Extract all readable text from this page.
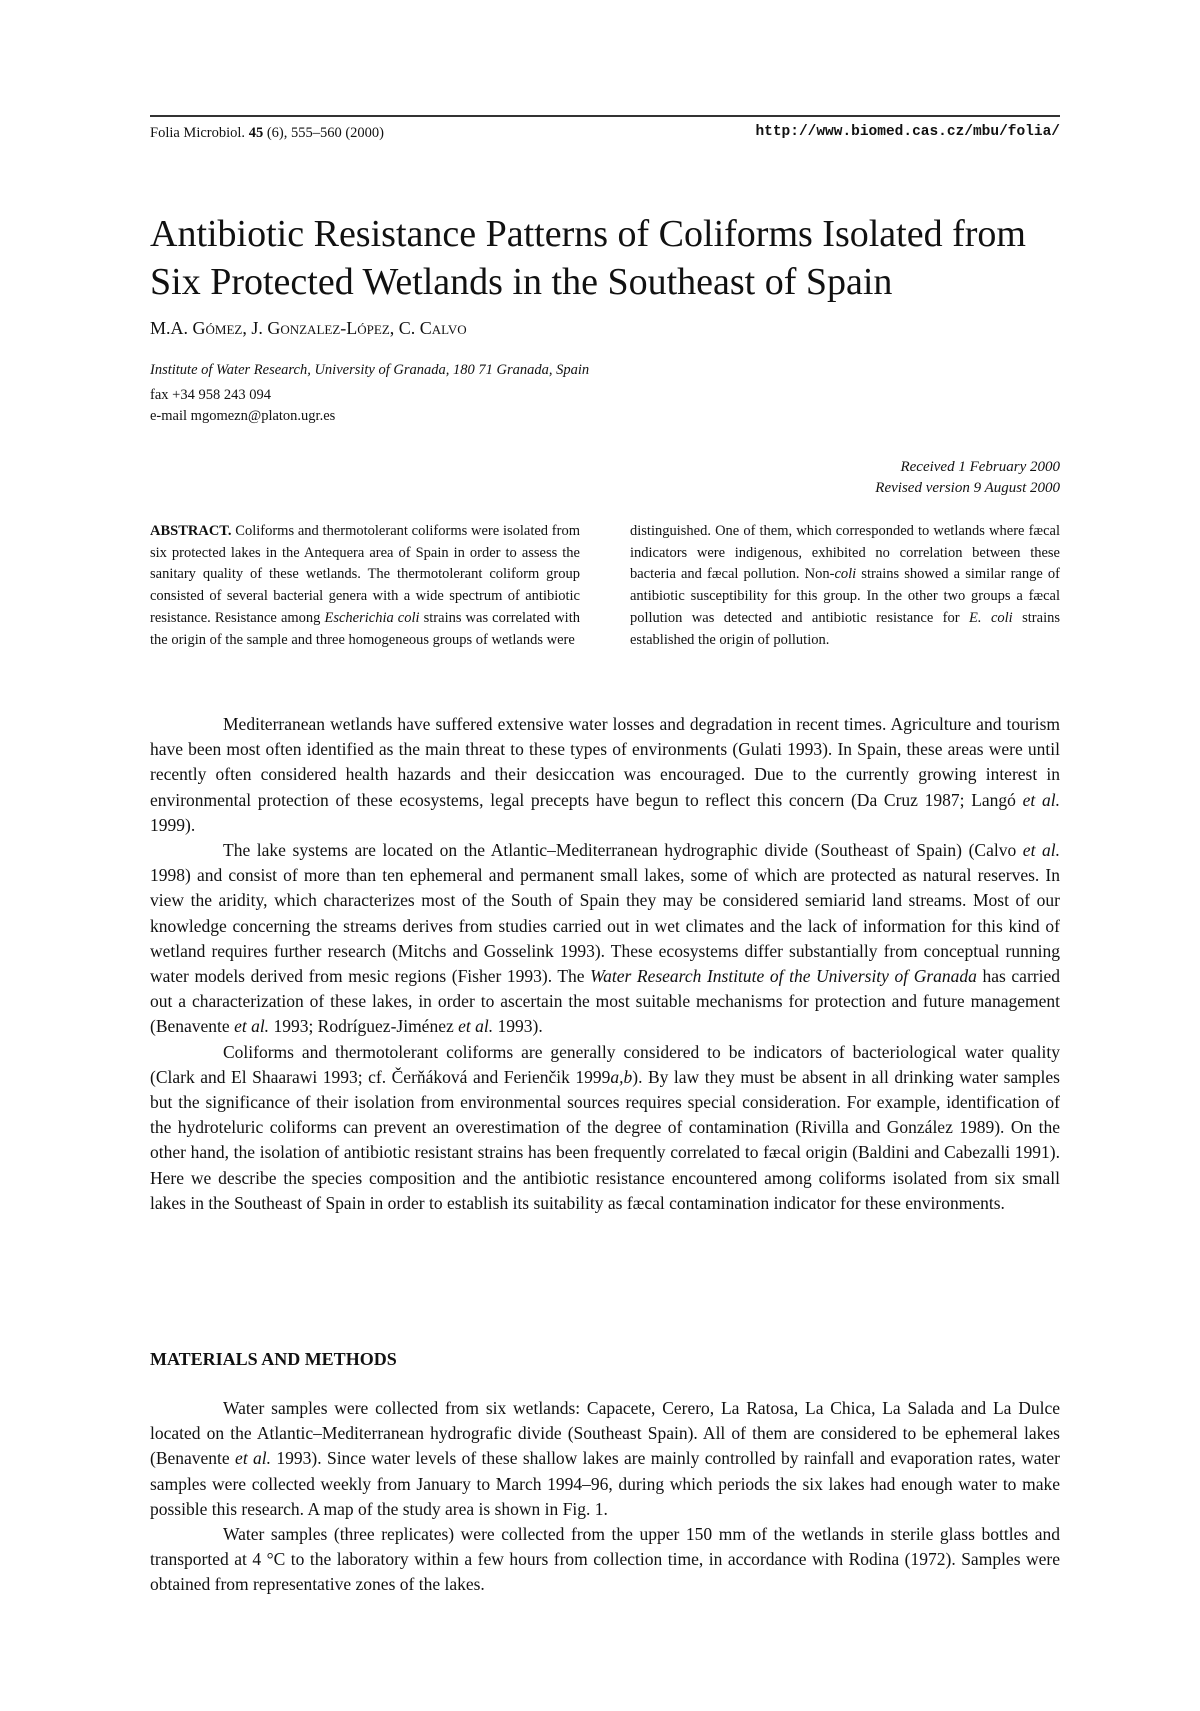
Folia Microbiol. 45 (6), 555–560 (2000)	http://www.biomed.cas.cz/mbu/folia/
Antibiotic Resistance Patterns of Coliforms Isolated from Six Protected Wetlands in the Southeast of Spain
M.A. Gómez, J. Gonzalez-López, C. Calvo
Institute of Water Research, University of Granada, 180 71 Granada, Spain
fax +34 958 243 094
e-mail mgomezn@platon.ugr.es
Received 1 February 2000
Revised version 9 August 2000
ABSTRACT. Coliforms and thermotolerant coliforms were isolated from six protected lakes in the Antequera area of Spain in order to assess the sanitary quality of these wetlands. The thermotolerant coliform group consisted of several bacterial genera with a wide spectrum of antibiotic resistance. Resistance among Escherichia coli strains was correlated with the origin of the sample and three homogeneous groups of wetlands were
distinguished. One of them, which corresponded to wetlands where fæcal indicators were indigenous, exhibited no correlation between these bacteria and fæcal pollution. Non-coli strains showed a similar range of antibiotic susceptibility for this group. In the other two groups a fæcal pollution was detected and antibiotic resistance for E. coli strains established the origin of pollution.

Mediterranean wetlands have suffered extensive water losses and degradation in recent times. Agriculture and tourism have been most often identified as the main threat to these types of environments (Gulati 1993). In Spain, these areas were until recently often considered health hazards and their desiccation was encouraged. Due to the currently growing interest in environmental protection of these ecosystems, legal precepts have begun to reflect this concern (Da Cruz 1987; Langó et al. 1999).

The lake systems are located on the Atlantic–Mediterranean hydrographic divide (Southeast of Spain) (Calvo et al. 1998) and consist of more than ten ephemeral and permanent small lakes, some of which are protected as natural reserves. In view the aridity, which characterizes most of the South of Spain they may be considered semiarid land streams. Most of our knowledge concerning the streams derives from studies carried out in wet climates and the lack of information for this kind of wetland requires further research (Mitchs and Gosselink 1993). These ecosystems differ substantially from conceptual running water models derived from mesic regions (Fisher 1993). The Water Research Institute of the University of Granada has carried out a characterization of these lakes, in order to ascertain the most suitable mechanisms for protection and future management (Benavente et al. 1993; Rodríguez-Jiménez et al. 1993).

Coliforms and thermotolerant coliforms are generally considered to be indicators of bacteriological water quality (Clark and El Shaarawi 1993; cf. Čerňáková and Ferienčik 1999a,b). By law they must be absent in all drinking water samples but the significance of their isolation from environmental sources requires special consideration. For example, identification of the hydroteluric coliforms can prevent an overestimation of the degree of contamination (Rivilla and González 1989). On the other hand, the isolation of antibiotic resistant strains has been frequently correlated to fæcal origin (Baldini and Cabezalli 1991). Here we describe the species composition and the antibiotic resistance encountered among coliforms isolated from six small lakes in the Southeast of Spain in order to establish its suitability as fæcal contamination indicator for these environments.

MATERIALS AND METHODS

Water samples were collected from six wetlands: Capacete, Cerero, La Ratosa, La Chica, La Salada and La Dulce located on the Atlantic–Mediterranean hydrografic divide (Southeast Spain). All of them are considered to be ephemeral lakes (Benavente et al. 1993). Since water levels of these shallow lakes are mainly controlled by rainfall and evaporation rates, water samples were collected weekly from January to March 1994–96, during which periods the six lakes had enough water to make possible this research. A map of the study area is shown in Fig. 1.

Water samples (three replicates) were collected from the upper 150 mm of the wetlands in sterile glass bottles and transported at 4 °C to the laboratory within a few hours from collection time, in accordance with Rodina (1972). Samples were obtained from representative zones of the lakes.
